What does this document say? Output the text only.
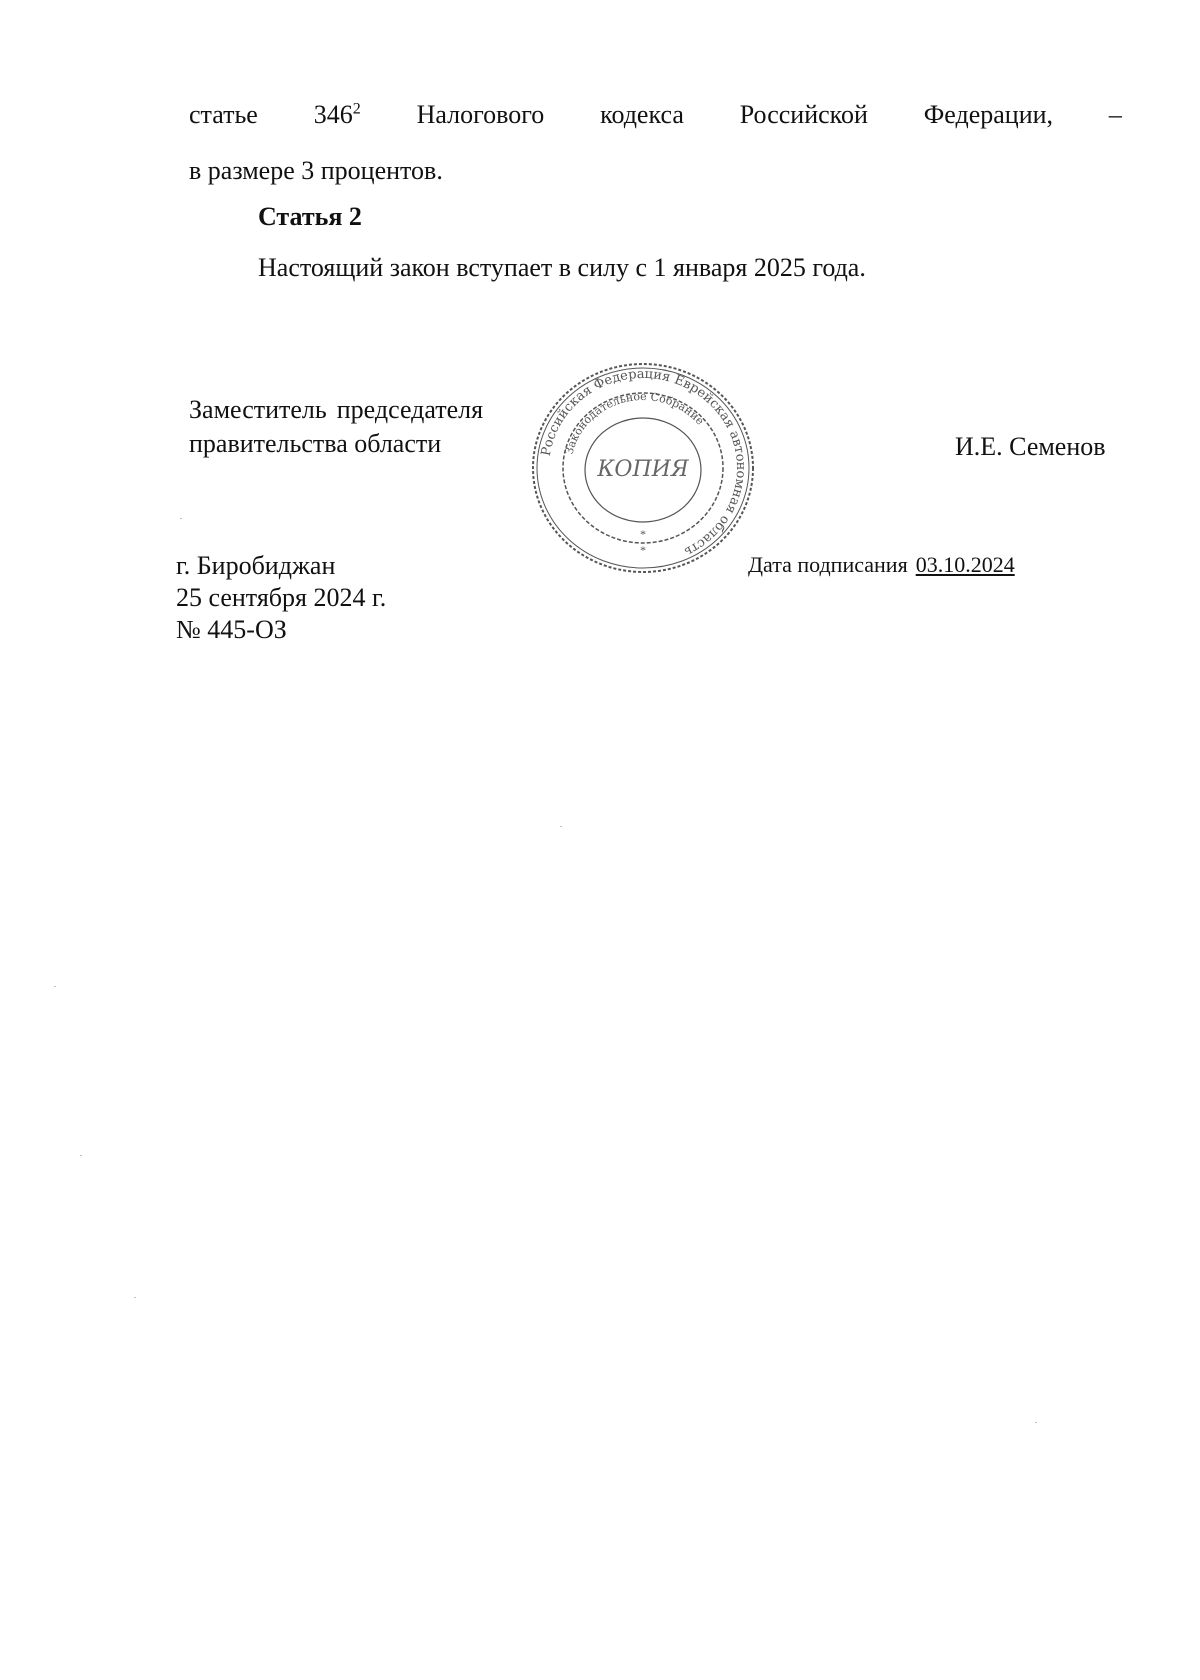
статье $346^2$ Налогового кодекса Российской Федерации, –
в размере 3 процентов.
Статья 2
Настоящий закон вступает в силу с 1 января 2025 года.
Заместитель председателя
правительства области	И.Е. Семенов
Российская Федерация Еврейская автономная область
Законодательное Собрание
КОПИЯ
*
*
г. Биробиджан
25 сентября 2024 г.
№ 445-ОЗ
Дата подписания 03.10.2024
